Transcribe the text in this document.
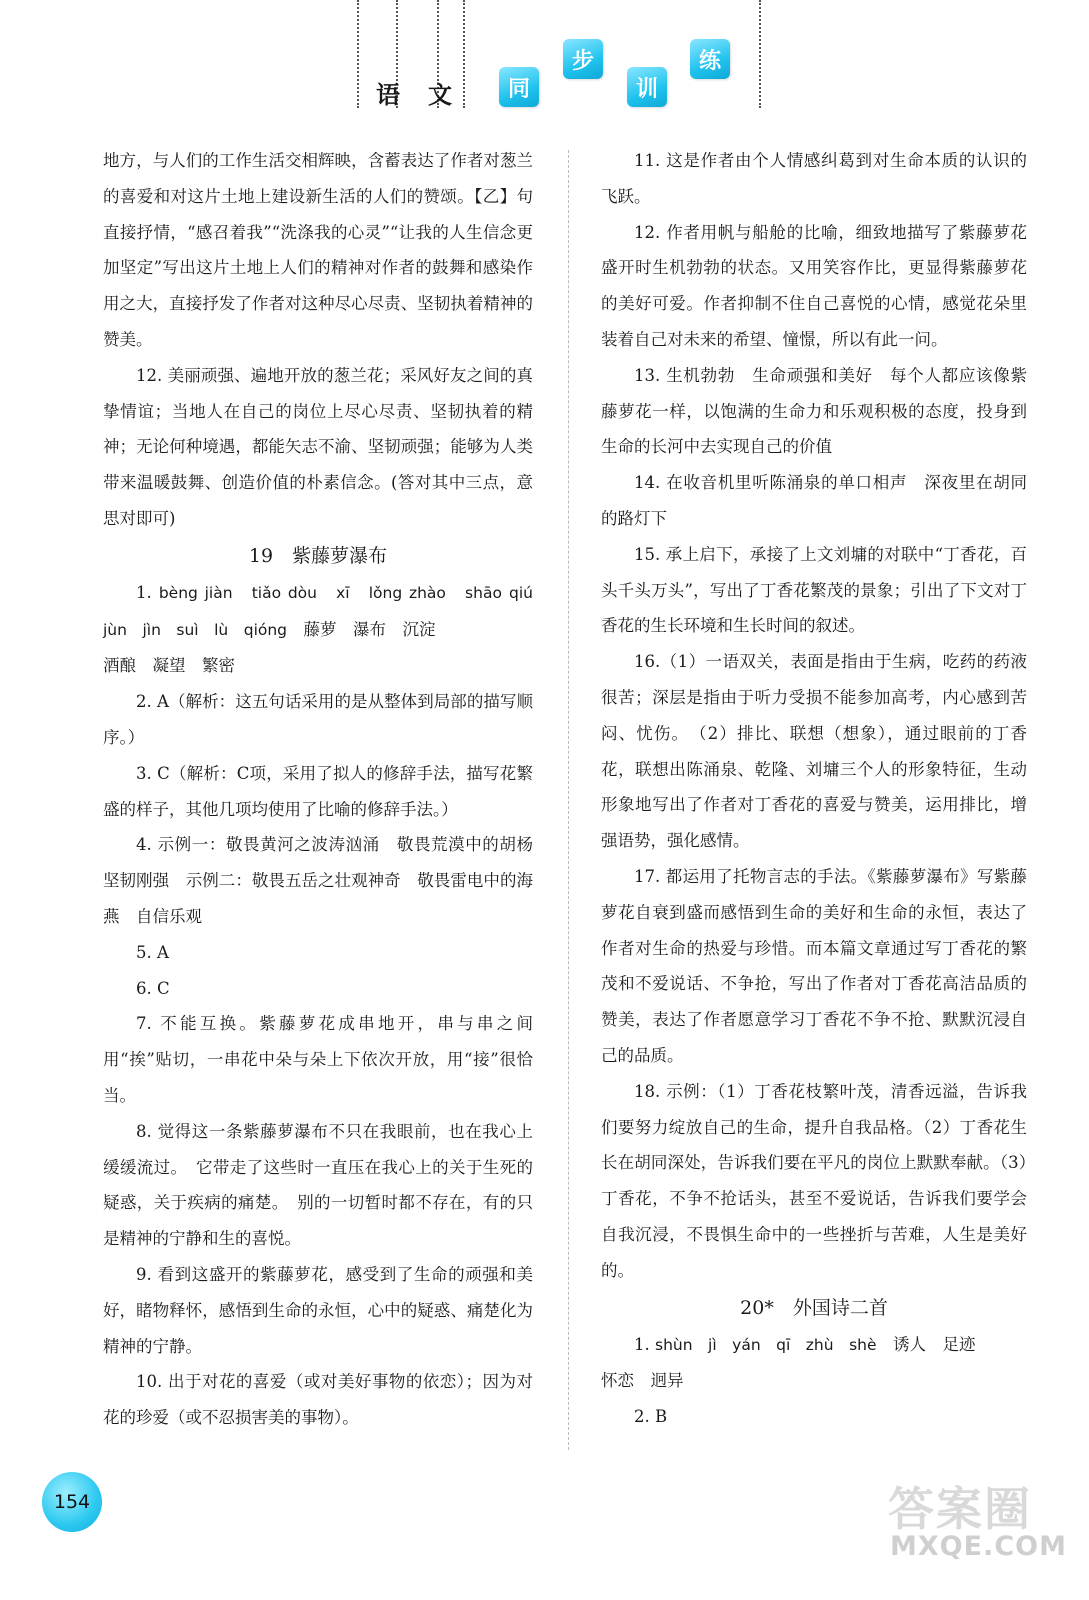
语　文	同
步
训
练

地方，与人们的工作生活交相辉映，含蓄表达了作者对葱兰的喜爱和对这片土地上建设新生活的人们的赞颂。【乙】句直接抒情，“感召着我”“洗涤我的心灵”“让我的人生信念更加坚定”写出这片土地上人们的精神对作者的鼓舞和感染作用之大，直接抒发了作者对这种尽心尽责、坚韧执着精神的赞美。

12. 美丽顽强、遍地开放的葱兰花；采风好友之间的真挚情谊；当地人在自己的岗位上尽心尽责、坚韧执着的精神；无论何种境遇，都能矢志不渝、坚韧顽强；能够为人类带来温暖鼓舞、创造价值的朴素信念。(答对其中三点，意思对即可)

19　紫藤萝瀑布

1. bèng jiàn　tiǎo dòu　xī　lǒng zhào　shāo qiú　jùn　jìn　suì　lù　qióng　藤萝　瀑布　沉淀

酒酿　凝望　繁密

2. A（解析：这五句话采用的是从整体到局部的描写顺序。）

3. C（解析：C项，采用了拟人的修辞手法，描写花繁盛的样子，其他几项均使用了比喻的修辞手法。）

4. 示例一：敬畏黄河之波涛汹涌　敬畏荒漠中的胡杨　坚韧刚强　示例二：敬畏五岳之壮观神奇　敬畏雷电中的海燕　自信乐观

5. A

6. C

7. 不能互换。紫藤萝花成串地开，串与串之间用“挨”贴切，一串花中朵与朵上下依次开放，用“接”很恰当。

8. 觉得这一条紫藤萝瀑布不只在我眼前，也在我心上缓缓流过。　它带走了这些时一直压在我心上的关于生死的疑惑，关于疾病的痛楚。　别的一切暂时都不存在，有的只是精神的宁静和生的喜悦。

9. 看到这盛开的紫藤萝花，感受到了生命的顽强和美好，睹物释怀，感悟到生命的永恒，心中的疑惑、痛楚化为精神的宁静。

10. 出于对花的喜爱（或对美好事物的依恋）；因为对花的珍爱（或不忍损害美的事物）。

11. 这是作者由个人情感纠葛到对生命本质的认识的飞跃。

12. 作者用帆与船舱的比喻，细致地描写了紫藤萝花盛开时生机勃勃的状态。又用笑容作比，更显得紫藤萝花的美好可爱。作者抑制不住自己喜悦的心情，感觉花朵里装着自己对未来的希望、憧憬，所以有此一问。

13. 生机勃勃　生命顽强和美好　每个人都应该像紫藤萝花一样，以饱满的生命力和乐观积极的态度，投身到生命的长河中去实现自己的价值

14. 在收音机里听陈涌泉的单口相声　深夜里在胡同的路灯下

15. 承上启下，承接了上文刘墉的对联中“丁香花，百头千头万头”，写出了丁香花繁茂的景象；引出了下文对丁香花的生长环境和生长时间的叙述。

16.（1）一语双关，表面是指由于生病，吃药的药液很苦；深层是指由于听力受损不能参加高考，内心感到苦闷、忧伤。　（2）排比、联想（想象），通过眼前的丁香花，联想出陈涌泉、乾隆、刘墉三个人的形象特征，生动形象地写出了作者对丁香花的喜爱与赞美，运用排比，增强语势，强化感情。

17. 都运用了托物言志的手法。《紫藤萝瀑布》写紫藤萝花自衰到盛而感悟到生命的美好和生命的永恒，表达了作者对生命的热爱与珍惜。而本篇文章通过写丁香花的繁茂和不爱说话、不争抢，写出了作者对丁香花高洁品质的赞美，表达了作者愿意学习丁香花不争不抢、默默沉浸自己的品质。

18. 示例：（1）丁香花枝繁叶茂，清香远溢，告诉我们要努力绽放自己的生命，提升自我品格。（2）丁香花生长在胡同深处，告诉我们要在平凡的岗位上默默奉献。（3）丁香花，不争不抢话头，甚至不爱说话，告诉我们要学会自我沉浸，不畏惧生命中的一些挫折与苦难，人生是美好的。

20*　外国诗二首

1. shùn　jì　yán　qī　zhù　shè　诱人　足迹

怀恋　迥异

2. B

154	答案圈
MXQE.COM
